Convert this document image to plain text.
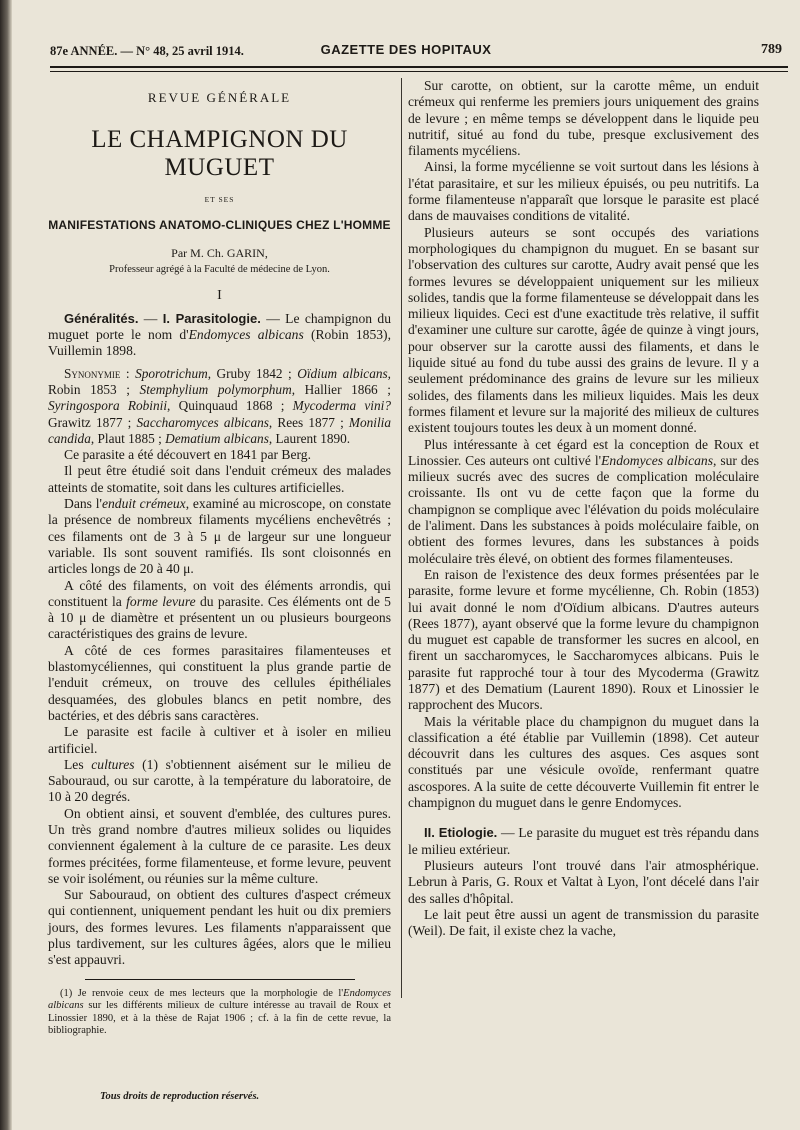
87e ANNÉE. — N° 48, 25 avril 1914.	GAZETTE DES HOPITAUX	789
REVUE GÉNÉRALE
LE CHAMPIGNON DU MUGUET
ET SES
MANIFESTATIONS ANATOMO-CLINIQUES CHEZ L'HOMME
Par M. Ch. GARIN,
Professeur agrégé à la Faculté de médecine de Lyon.
I

Généralités. — I. Parasitologie. — Le champignon du muguet porte le nom d'Endomyces albicans (Robin 1853), Vuillemin 1898.

Synonymie : Sporotrichum, Gruby 1842 ; Oïdium albicans, Robin 1853 ; Stemphylium polymorphum, Hallier 1866 ; Syringospora Robinii, Quinquaud 1868 ; Mycoderma vini? Grawitz 1877 ; Saccharomyces albicans, Rees 1877 ; Monilia candida, Plaut 1885 ; Dematium albicans, Laurent 1890.

Ce parasite a été découvert en 1841 par Berg.

Il peut être étudié soit dans l'enduit crémeux des malades atteints de stomatite, soit dans les cultures artificielles.

Dans l'enduit crémeux, examiné au microscope, on constate la présence de nombreux filaments mycéliens enchevêtrés ; ces filaments ont de 3 à 5 μ de largeur sur une longueur variable. Ils sont souvent ramifiés. Ils sont cloisonnés en articles longs de 20 à 40 μ.

A côté des filaments, on voit des éléments arrondis, qui constituent la forme levure du parasite. Ces éléments ont de 5 à 10 μ de diamètre et présentent un ou plusieurs bourgeons caractéristiques des grains de levure.

A côté de ces formes parasitaires filamenteuses et blastomycéliennes, qui constituent la plus grande partie de l'enduit crémeux, on trouve des cellules épithéliales desquamées, des globules blancs en petit nombre, des bactéries, et des débris sans caractères.

Le parasite est facile à cultiver et à isoler en milieu artificiel.

Les cultures (1) s'obtiennent aisément sur le milieu de Sabouraud, ou sur carotte, à la température du laboratoire, de 10 à 20 degrés.

On obtient ainsi, et souvent d'emblée, des cultures pures. Un très grand nombre d'autres milieux solides ou liquides conviennent également à la culture de ce parasite. Les deux formes précitées, forme filamenteuse, et forme levure, peuvent se voir isolément, ou réunies sur la même culture.

Sur Sabouraud, on obtient des cultures d'aspect crémeux qui contiennent, uniquement pendant les huit ou dix premiers jours, des formes levures. Les filaments n'apparaissent que plus tardivement, sur les cultures âgées, alors que le milieu s'est appauvri.

(1) Je renvoie ceux de mes lecteurs que la morphologie de l'Endomyces albicans sur les différents milieux de culture intéresse au travail de Roux et Linossier 1890, et à la thèse de Rajat 1906 ; cf. à la fin de cette revue, la bibliographie.

Tous droits de reproduction réservés.

Sur carotte, on obtient, sur la carotte même, un enduit crémeux qui renferme les premiers jours uniquement des grains de levure ; en même temps se développent dans le liquide peu nutritif, situé au fond du tube, presque exclusivement des filaments mycéliens.

Ainsi, la forme mycélienne se voit surtout dans les lésions à l'état parasitaire, et sur les milieux épuisés, ou peu nutritifs. La forme filamenteuse n'apparaît que lorsque le parasite est placé dans de mauvaises conditions de vitalité.

Plusieurs auteurs se sont occupés des variations morphologiques du champignon du muguet. En se basant sur l'observation des cultures sur carotte, Audry avait pensé que les formes levures se développaient uniquement sur les milieux solides, tandis que la forme filamenteuse se développait dans les milieux liquides. Ceci est d'une exactitude très relative, il suffit d'examiner une culture sur carotte, âgée de quinze à vingt jours, pour observer sur la carotte aussi des filaments, et dans le liquide situé au fond du tube aussi des grains de levure. Il y a seulement prédominance des grains de levure sur les milieux solides, des filaments dans les milieux liquides. Mais les deux formes filament et levure sur la majorité des milieux de cultures existent toujours toutes les deux à un moment donné.

Plus intéressante à cet égard est la conception de Roux et Linossier. Ces auteurs ont cultivé l'Endomyces albicans, sur des milieux sucrés avec des sucres de complication moléculaire croissante. Ils ont vu de cette façon que la forme du champignon se complique avec l'élévation du poids moléculaire de l'aliment. Dans les substances à poids moléculaire faible, on obtient des formes levures, dans les substances à poids moléculaire très élevé, on obtient des formes filamenteuses.

En raison de l'existence des deux formes présentées par le parasite, forme levure et forme mycélienne, Ch. Robin (1853) lui avait donné le nom d'Oïdium albicans. D'autres auteurs (Rees 1877), ayant observé que la forme levure du champignon du muguet est capable de transformer les sucres en alcool, en firent un saccharomyces, le Saccharomyces albicans. Puis le parasite fut rapproché tour à tour des Mycoderma (Grawitz 1877) et des Dematium (Laurent 1890). Roux et Linossier le rapprochent des Mucors.

Mais la véritable place du champignon du muguet dans la classification a été établie par Vuillemin (1898). Cet auteur découvrit dans les cultures des asques. Ces asques sont constitués par une vésicule ovoïde, renfermant quatre ascospores. A la suite de cette découverte Vuillemin fit entrer le champignon du muguet dans le genre Endomyces.

II. Etiologie. — Le parasite du muguet est très répandu dans le milieu extérieur.

Plusieurs auteurs l'ont trouvé dans l'air atmosphérique. Lebrun à Paris, G. Roux et Valtat à Lyon, l'ont décelé dans l'air des salles d'hôpital.

Le lait peut être aussi un agent de transmission du parasite (Weil). De fait, il existe chez la vache,
